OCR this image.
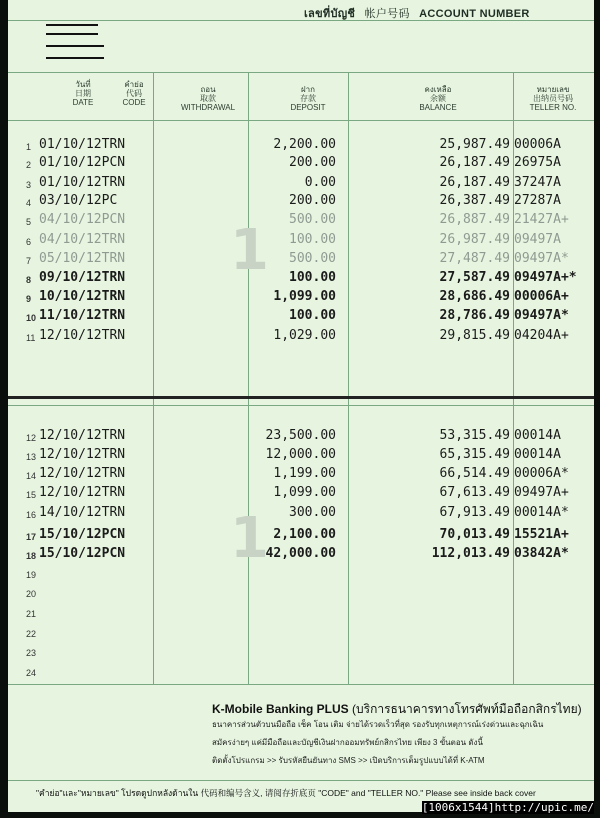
เลขที่บัญชี 帐户号码 ACCOUNT NUMBER
วันที่
日期
DATE
คำย่อ
代码
CODE
ถอน
取款
WITHDRAWAL
ฝาก
存款
DEPOSIT
คงเหลือ
余额
BALANCE
หมายเลข
出纳员号码
TELLER NO.
1 01/10/12TRN	2,200.00	25,987.49 00006A
2 01/10/12PCN	200.00	26,187.49 26975A
3 01/10/12TRN	0.00	26,187.49 37247A
4 03/10/12PC	200.00	26,387.49 27287A
5 04/10/12PCN	500.00	26,887.49 21427A+
6 04/10/12TRN	100.00	26,987.49 09497A
7 05/10/12TRN	500.00	27,487.49 09497A*
8 09/10/12TRN	100.00	27,587.49 09497A+*
9 10/10/12TRN	1,099.00	28,686.49 00006A+
10 11/10/12TRN	100.00	28,786.49 09497A*
11 12/10/12TRN	1,029.00	29,815.49 04204A+
12 12/10/12TRN	23,500.00	53,315.49 00014A
13 12/10/12TRN	12,000.00	65,315.49 00014A
14 12/10/12TRN	1,199.00	66,514.49 00006A*
15 12/10/12TRN	1,099.00	67,613.49 09497A+
16 14/10/12TRN	300.00	67,913.49 00014A*
17 15/10/12PCN	2,100.00	70,013.49 15521A+
18 15/10/12PCN	42,000.00	112,013.49 03842A*
19
20
21
22
23
24
1
1
K-Mobile Banking PLUS (บริการธนาคารทางโทรศัพท์มือถือกสิกรไทย)
ธนาคารส่วนตัวบนมือถือ เช็ค โอน เติม จ่ายได้รวดเร็วที่สุด รองรับทุกเหตุการณ์เร่งด่วนและฉุกเฉิน
สมัครง่ายๆ แค่มีมือถือและบัญชีเงินฝากออมทรัพย์กสิกรไทย เพียง 3 ขั้นตอน ดังนี้
ติดตั้งโปรแกรม >> รับรหัสยืนยันทาง SMS >> เปิดบริการเต็มรูปแบบได้ที่ K-ATM
"คำย่อ"และ"หมายเลข" โปรดดูปกหลังด้านใน 代码和编号含义, 请阅存折底页 "CODE" and "TELLER NO." Please see inside back cover
[1006x1544]http://upic.me/
